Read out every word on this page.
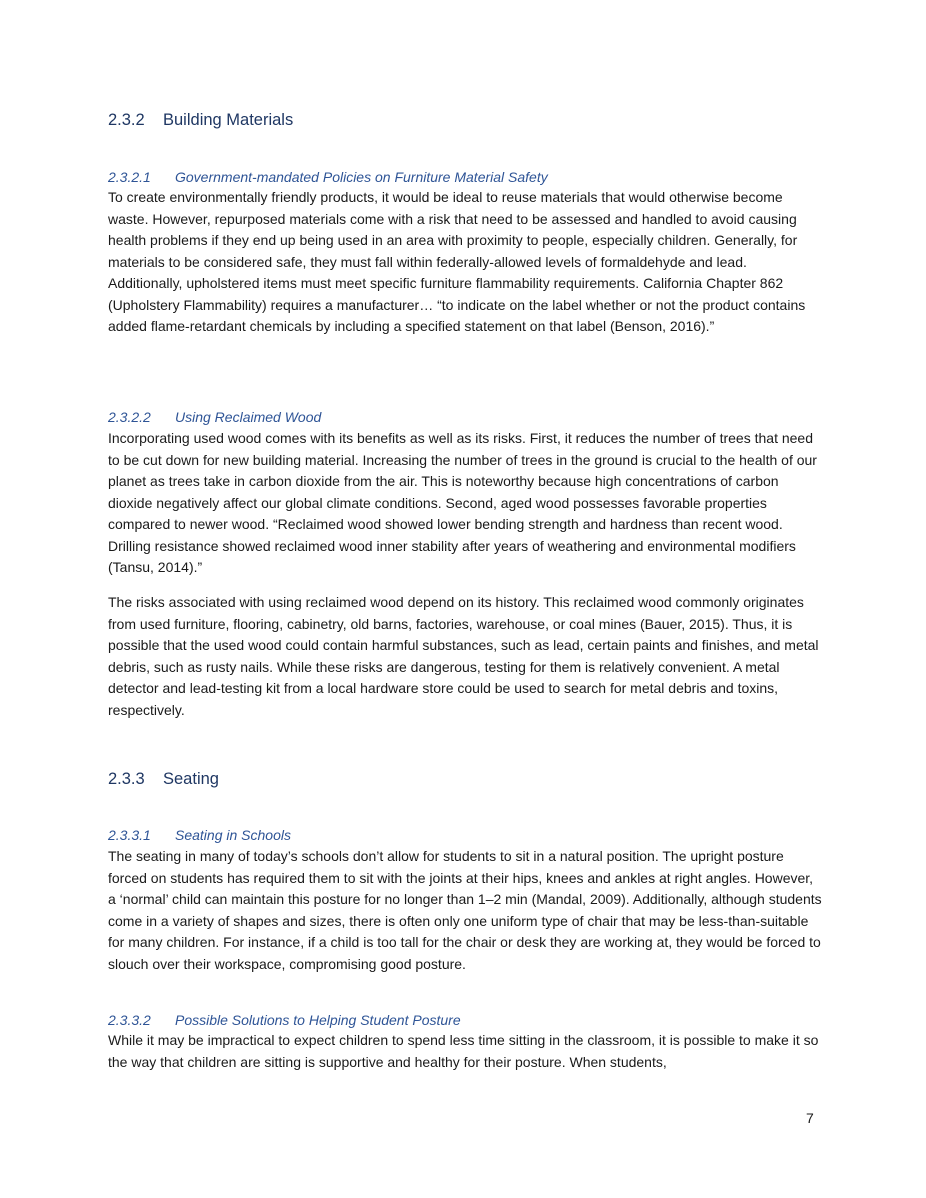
2.3.2 Building Materials
2.3.2.1 Government-mandated Policies on Furniture Material Safety

To create environmentally friendly products, it would be ideal to reuse materials that would otherwise become waste. However, repurposed materials come with a risk that need to be assessed and handled to avoid causing health problems if they end up being used in an area with proximity to people, especially children. Generally, for materials to be considered safe, they must fall within federally-allowed levels of formaldehyde and lead. Additionally, upholstered items must meet specific furniture flammability requirements. California Chapter 862 (Upholstery Flammability) requires a manufacturer… “to indicate on the label whether or not the product contains added flame-retardant chemicals by including a specified statement on that label (Benson, 2016).”

2.3.2.2 Using Reclaimed Wood

Incorporating used wood comes with its benefits as well as its risks. First, it reduces the number of trees that need to be cut down for new building material. Increasing the number of trees in the ground is crucial to the health of our planet as trees take in carbon dioxide from the air. This is noteworthy because high concentrations of carbon dioxide negatively affect our global climate conditions. Second, aged wood possesses favorable properties compared to newer wood. “Reclaimed wood showed lower bending strength and hardness than recent wood. Drilling resistance showed reclaimed wood inner stability after years of weathering and environmental modifiers (Tansu, 2014).”

The risks associated with using reclaimed wood depend on its history. This reclaimed wood commonly originates from used furniture, flooring, cabinetry, old barns, factories, warehouse, or coal mines (Bauer, 2015). Thus, it is possible that the used wood could contain harmful substances, such as lead, certain paints and finishes, and metal debris, such as rusty nails. While these risks are dangerous, testing for them is relatively convenient. A metal detector and lead-testing kit from a local hardware store could be used to search for metal debris and toxins, respectively.

2.3.3 Seating
2.3.3.1 Seating in Schools

The seating in many of today’s schools don’t allow for students to sit in a natural position. The upright posture forced on students has required them to sit with the joints at their hips, knees and ankles at right angles. However, a ‘normal’ child can maintain this posture for no longer than 1–2 min (Mandal, 2009). Additionally, although students come in a variety of shapes and sizes, there is often only one uniform type of chair that may be less-than-suitable for many children. For instance, if a child is too tall for the chair or desk they are working at, they would be forced to slouch over their workspace, compromising good posture.

2.3.3.2 Possible Solutions to Helping Student Posture

While it may be impractical to expect children to spend less time sitting in the classroom, it is possible to make it so the way that children are sitting is supportive and healthy for their posture. When students,

7
